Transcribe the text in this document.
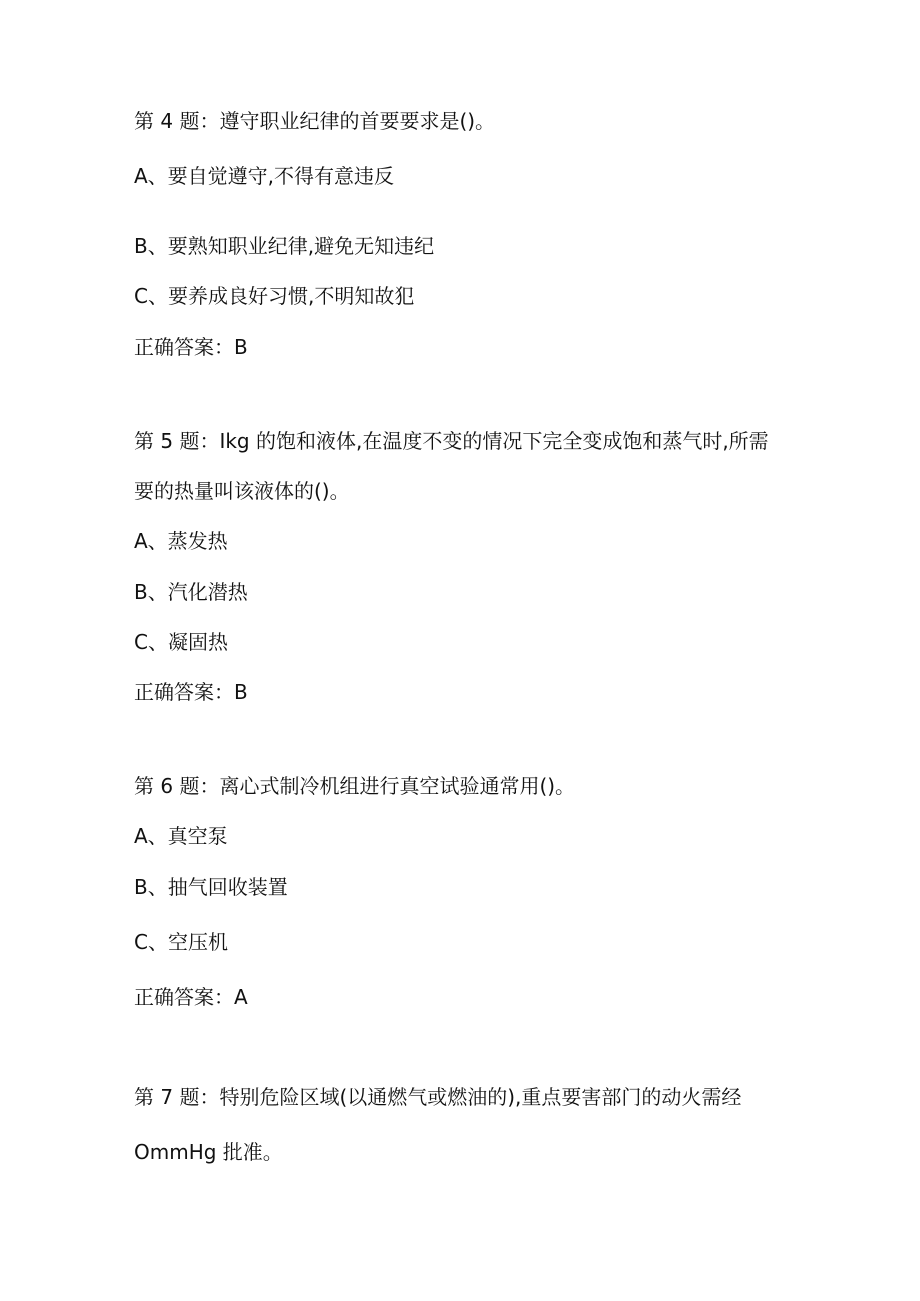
第 4 题：遵守职业纪律的首要要求是()。
A、要自觉遵守,不得有意违反
B、要熟知职业纪律,避免无知违纪
C、要养成良好习惯,不明知故犯
正确答案：B
第 5 题：Ikg 的饱和液体,在温度不变的情况下完全变成饱和蒸气时,所需
要的热量叫该液体的()。
A、蒸发热
B、汽化潜热
C、凝固热
正确答案：B
第 6 题：离心式制冷机组进行真空试验通常用()。
A、真空泵
B、抽气回收装置
C、空压机
正确答案：A
第 7 题：特别危险区域(以通燃气或燃油的),重点要害部门的动火需经
OmmHg 批准。
